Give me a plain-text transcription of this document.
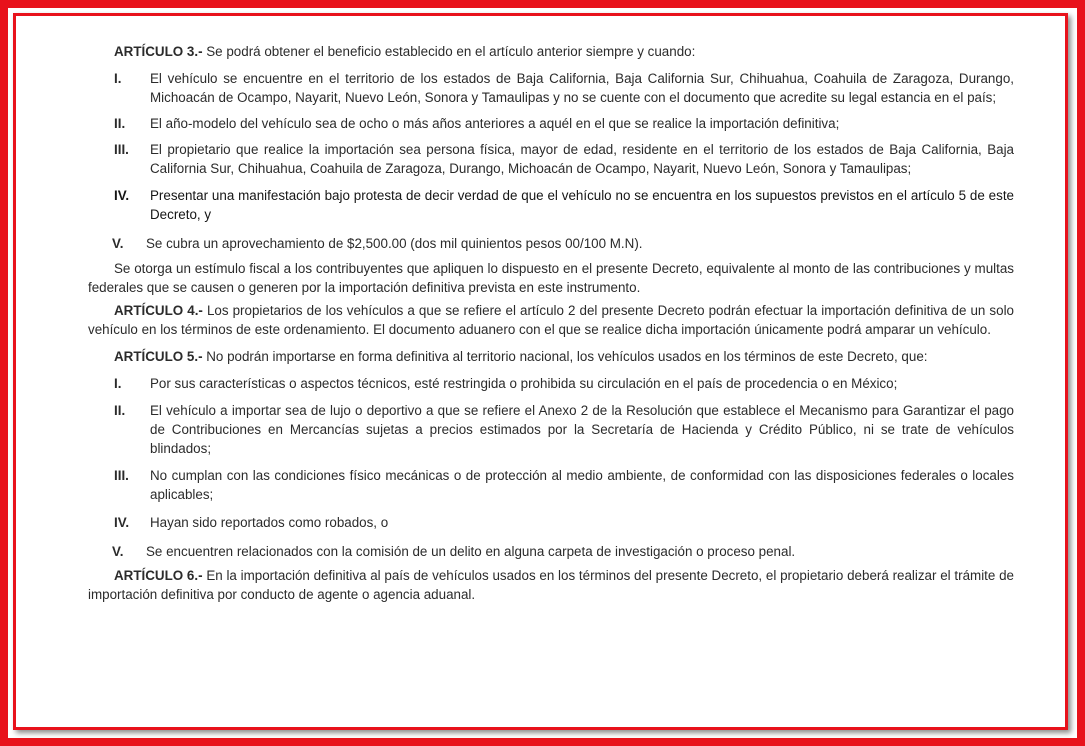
ARTÍCULO 3.- Se podrá obtener el beneficio establecido en el artículo anterior siempre y cuando:

I. El vehículo se encuentre en el territorio de los estados de Baja California, Baja California Sur, Chihuahua, Coahuila de Zaragoza, Durango, Michoacán de Ocampo, Nayarit, Nuevo León, Sonora y Tamaulipas y no se cuente con el documento que acredite su legal estancia en el país;
II. El año-modelo del vehículo sea de ocho o más años anteriores a aquél en el que se realice la importación definitiva;
III. El propietario que realice la importación sea persona física, mayor de edad, residente en el territorio de los estados de Baja California, Baja California Sur, Chihuahua, Coahuila de Zaragoza, Durango, Michoacán de Ocampo, Nayarit, Nuevo León, Sonora y Tamaulipas;
IV. Presentar una manifestación bajo protesta de decir verdad de que el vehículo no se encuentra en los supuestos previstos en el artículo 5 de este Decreto, y
V. Se cubra un aprovechamiento de $2,500.00 (dos mil quinientos pesos 00/100 M.N).

Se otorga un estímulo fiscal a los contribuyentes que apliquen lo dispuesto en el presente Decreto, equivalente al monto de las contribuciones y multas federales que se causen o generen por la importación definitiva prevista en este instrumento.

ARTÍCULO 4.- Los propietarios de los vehículos a que se refiere el artículo 2 del presente Decreto podrán efectuar la importación definitiva de un solo vehículo en los términos de este ordenamiento. El documento aduanero con el que se realice dicha importación únicamente podrá amparar un vehículo.

ARTÍCULO 5.- No podrán importarse en forma definitiva al territorio nacional, los vehículos usados en los términos de este Decreto, que:

I. Por sus características o aspectos técnicos, esté restringida o prohibida su circulación en el país de procedencia o en México;
II. El vehículo a importar sea de lujo o deportivo a que se refiere el Anexo 2 de la Resolución que establece el Mecanismo para Garantizar el pago de Contribuciones en Mercancías sujetas a precios estimados por la Secretaría de Hacienda y Crédito Público, ni se trate de vehículos blindados;
III. No cumplan con las condiciones físico mecánicas o de protección al medio ambiente, de conformidad con las disposiciones federales o locales aplicables;
IV. Hayan sido reportados como robados, o
V. Se encuentren relacionados con la comisión de un delito en alguna carpeta de investigación o proceso penal.

ARTÍCULO 6.- En la importación definitiva al país de vehículos usados en los términos del presente Decreto, el propietario deberá realizar el trámite de importación definitiva por conducto de agente o agencia aduanal.
